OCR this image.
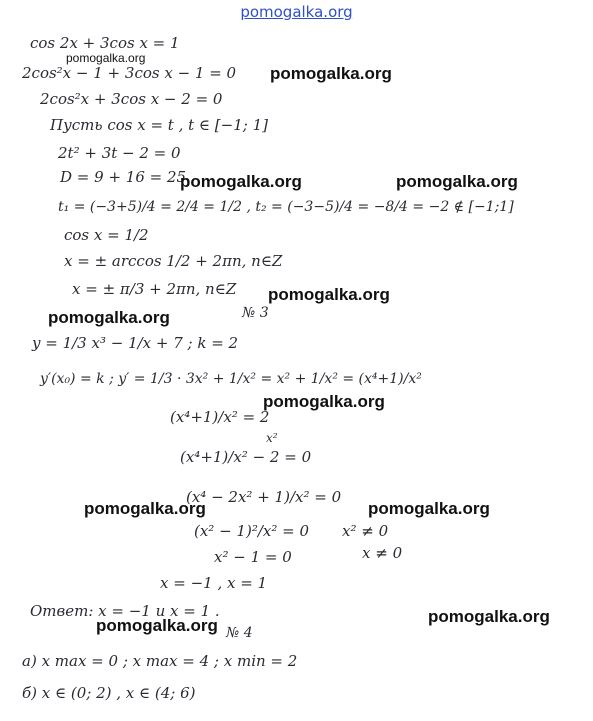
pomogalka.org
cos 2x + 3cos x = 1
pomogalka.org
2cos²x − 1 + 3cos x − 1 = 0 pomogalka.org
2cos²x + 3cos x − 2 = 0
Пусть cos x = t , t ∈ [−1; 1]
2t² + 3t − 2 = 0
D = 9 + 16 = 25
pomogalka.org	pomogalka.org
t₁ = (−3+5)/4 = 2/4 = 1/2 , t₂ = (−3−5)/4 = −8/4 = −2 ∉ [−1;1]
cos x = 1/2
x = ± arccos 1/2 + 2πn, n∈Z
x = ± π/3 + 2πn, n∈Z pomogalka.org
pomogalka.org	№ 3
y = 1/3 x³ − 1/x + 7 ; k = 2
y′(x₀) = k ; y′ = 1/3 · 3x² + 1/x² = x² + 1/x² = (x⁴+1)/x²
pomogalka.org
(x⁴+1)/x² = 2
x²
(x⁴+1)/x² − 2 = 0
(x⁴ − 2x² + 1)/x² = 0
pomogalka.org	pomogalka.org
(x² − 1)²/x² = 0 x² ≠ 0
x² − 1 = 0	x ≠ 0
x = −1 , x = 1
Ответ: x = −1 и x = 1 .	pomogalka.org
pomogalka.org № 4
а) x max = 0 ; x max = 4 ; x min = 2
б) x ∈ (0; 2) , x ∈ (4; 6)
